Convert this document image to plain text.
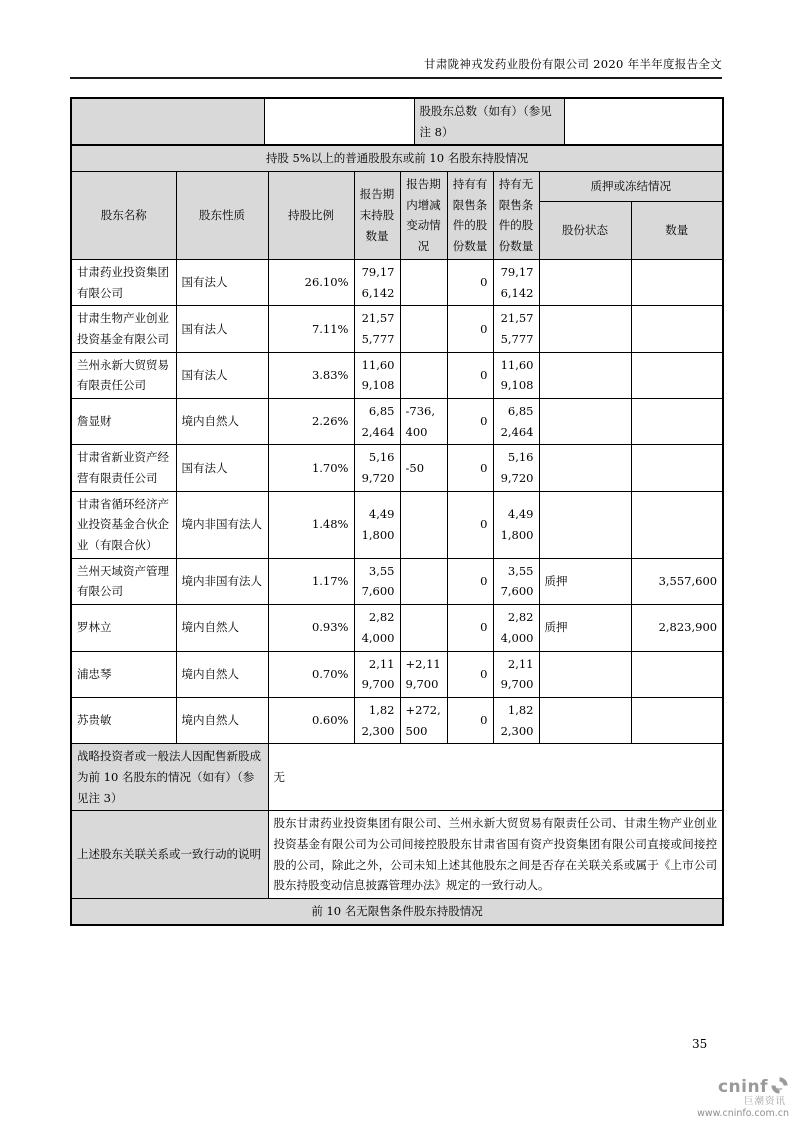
甘肃陇神戎发药业股份有限公司 2020 年半年度报告全文
		股股东总数（如有）（参见注 8）	
持股 5%以上的普通股股东或前 10 名股东持股情况								
股东名称	股东性质	持股比例	报告期末持股数量	报告期内增减变动情况	持有有限售条件的股份数量	持有无限售条件的股份数量	质押或冻结情况	
							股份状态	数量
甘肃药业投资集团有限公司	国有法人	26.10%	79,176,142		0	79,176,142		
甘肃生物产业创业投资基金有限公司	国有法人	7.11%	21,575,777		0	21,575,777		
兰州永新大贸贸易有限责任公司	国有法人	3.83%	11,609,108		0	11,609,108		
詹显财	境内自然人	2.26%	6,852,464	-736,400	0	6,852,464		
甘肃省新业资产经营有限责任公司	国有法人	1.70%	5,169,720	-50	0	5,169,720		
甘肃省循环经济产业投资基金合伙企业（有限合伙）	境内非国有法人	1.48%	4,491,800		0	4,491,800		
兰州天域资产管理有限公司	境内非国有法人	1.17%	3,557,600		0	3,557,600	质押	3,557,600
罗林立	境内自然人	0.93%	2,824,000		0	2,824,000	质押	2,823,900
浦忠琴	境内自然人	0.70%	2,119,700	+2,119,700	0	2,119,700		
苏贵敏	境内自然人	0.60%	1,822,300	+272,500	0	1,822,300		
战略投资者或一般法人因配售新股成为前 10 名股东的情况（如有）（参见注 3）		无						
上述股东关联关系或一致行动的说明		股东甘肃药业投资集团有限公司、兰州永新大贸贸易有限责任公司、甘肃生物产业创业投资基金有限公司为公司间接控股股东甘肃省国有资产投资集团有限公司直接或间接控股的公司，除此之外，公司未知上述其他股东之间是否存在关联关系或属于《上市公司股东持股变动信息披露管理办法》规定的一致行动人。						
前 10 名无限售条件股东持股情况								
35
cninf
巨潮资讯
www.cninfo.com.cn
